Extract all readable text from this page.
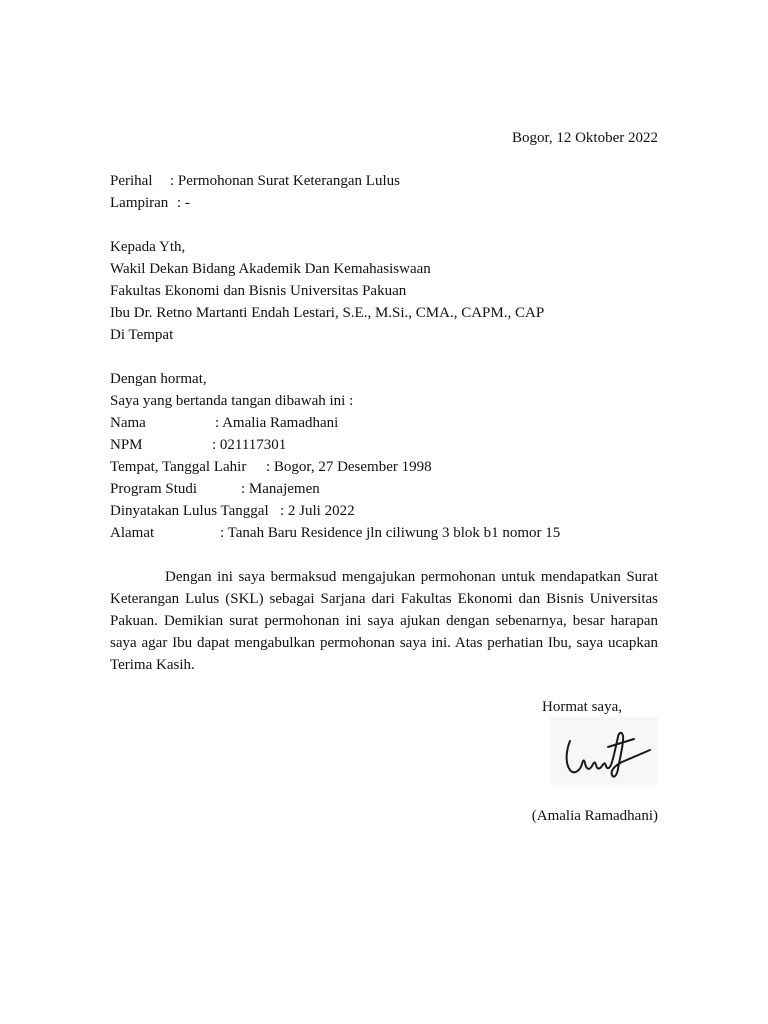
Bogor, 12 Oktober 2022
Perihal : Permohonan Surat Keterangan Lulus
Lampiran : -
Kepada Yth,
Wakil Dekan Bidang Akademik Dan Kemahasiswaan
Fakultas Ekonomi dan Bisnis Universitas Pakuan
Ibu Dr. Retno Martanti Endah Lestari, S.E., M.Si., CMA., CAPM., CAP
Di Tempat
Dengan hormat,
Saya yang bertanda tangan dibawah ini :
Nama	: Amalia Ramadhani
NPM	: 021117301
Tempat, Tanggal Lahir : Bogor, 27 Desember 1998
Program Studi	: Manajemen
Dinyatakan Lulus Tanggal : 2 Juli 2022
Alamat	: Tanah Baru Residence jln ciliwung 3 blok b1 nomor 15
Dengan ini saya bermaksud mengajukan permohonan untuk mendapatkan Surat Keterangan Lulus (SKL) sebagai Sarjana dari Fakultas Ekonomi dan Bisnis Universitas Pakuan. Demikian surat permohonan ini saya ajukan dengan sebenarnya, besar harapan saya agar Ibu dapat mengabulkan permohonan saya ini. Atas perhatian Ibu, saya ucapkan Terima Kasih.
Hormat saya,
(Amalia Ramadhani)
